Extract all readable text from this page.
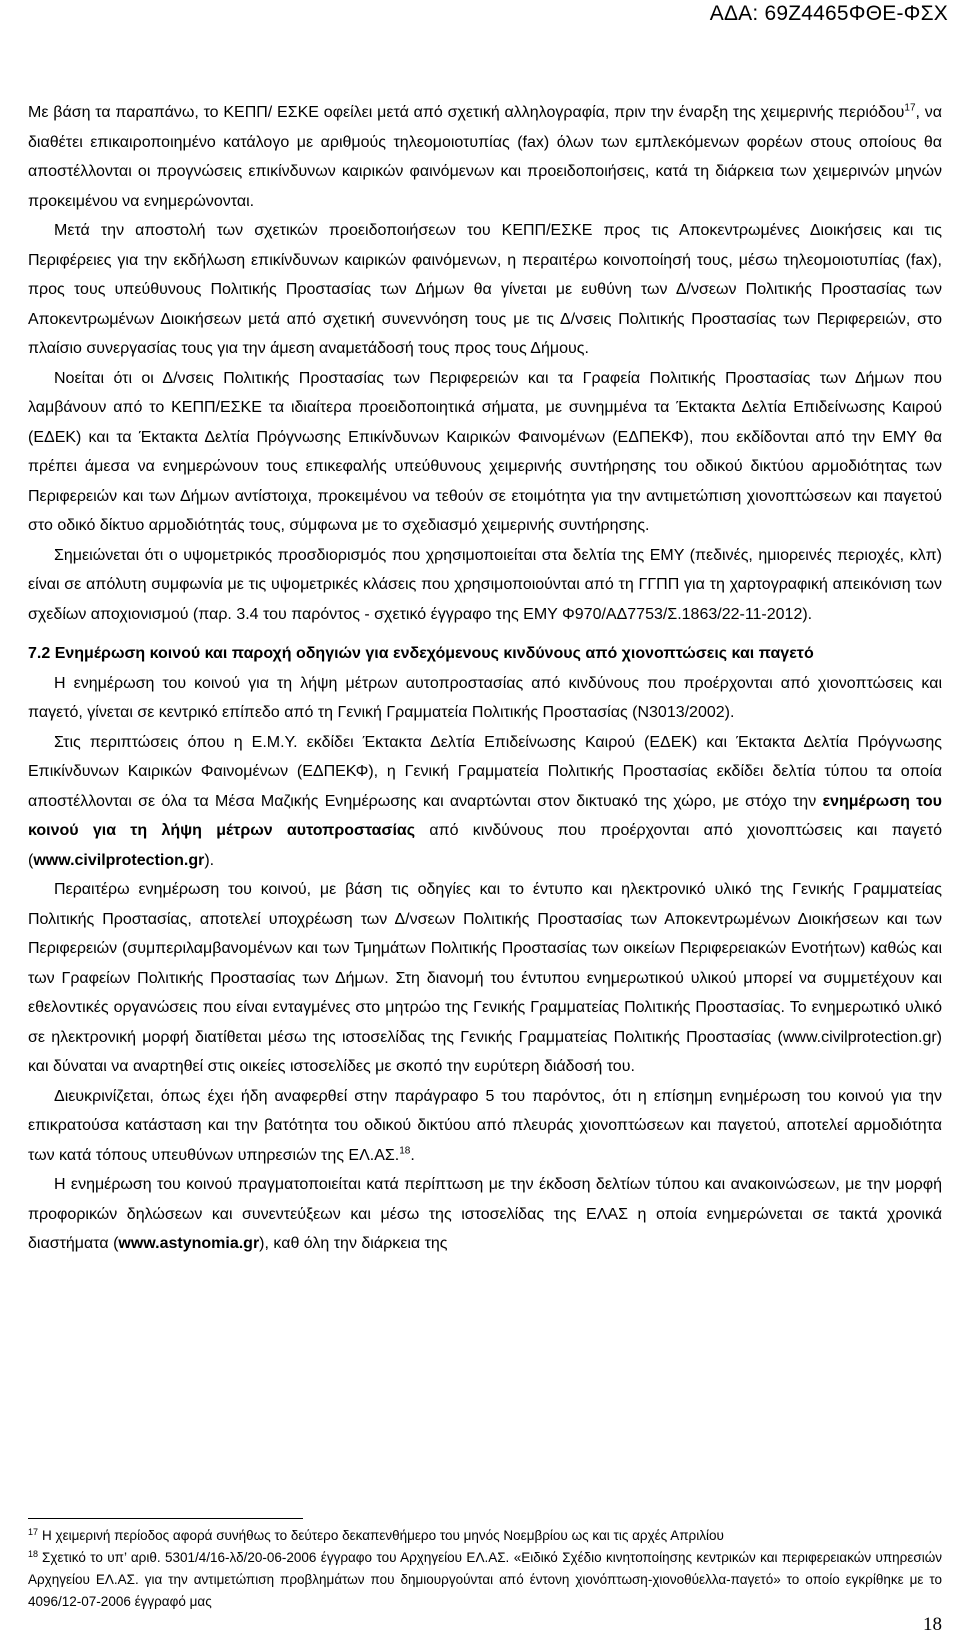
ΑΔΑ: 69Ζ4465ΦΘΕ-ΦΣΧ

Με βάση τα παραπάνω, το ΚΕΠΠ/ ΕΣΚΕ οφείλει μετά από σχετική αλληλογραφία, πριν την έναρξη της χειμερινής περιόδου$^{17}$, να διαθέτει επικαιροποιημένο κατάλογο με αριθμούς τηλεομοιοτυπίας (fax) όλων των εμπλεκόμενων φορέων στους οποίους θα αποστέλλονται οι προγνώσεις επικίνδυνων καιρικών φαινόμενων και προειδοποιήσεις, κατά τη διάρκεια των χειμερινών μηνών προκειμένου να ενημερώνονται.

Μετά την αποστολή των σχετικών προειδοποιήσεων του ΚΕΠΠ/ΕΣΚΕ προς τις Αποκεντρωμένες Διοικήσεις και τις Περιφέρειες για την εκδήλωση επικίνδυνων καιρικών φαινόμενων, η περαιτέρω κοινοποίησή τους, μέσω τηλεομοιοτυπίας (fax), προς τους υπεύθυνους Πολιτικής Προστασίας των Δήμων θα γίνεται με ευθύνη των Δ/νσεων Πολιτικής Προστασίας των Αποκεντρωμένων Διοικήσεων μετά από σχετική συνεννόηση τους με τις Δ/νσεις Πολιτικής Προστασίας των Περιφερειών, στο πλαίσιο συνεργασίας τους για την άμεση αναμετάδοσή τους προς τους Δήμους.

Νοείται ότι οι Δ/νσεις Πολιτικής Προστασίας των Περιφερειών και τα Γραφεία Πολιτικής Προστασίας των Δήμων που λαμβάνουν από το ΚΕΠΠ/ΕΣΚΕ τα ιδιαίτερα προειδοποιητικά σήματα, με συνημμένα τα Έκτακτα Δελτία Επιδείνωσης Καιρού (ΕΔΕΚ) και τα Έκτακτα Δελτία Πρόγνωσης Επικίνδυνων Καιρικών Φαινομένων (ΕΔΠΕΚΦ), που εκδίδονται από την ΕΜΥ θα πρέπει άμεσα να ενημερώνουν τους επικεφαλής υπεύθυνους χειμερινής συντήρησης του οδικού δικτύου αρμοδιότητας των Περιφερειών και των Δήμων αντίστοιχα, προκειμένου να τεθούν σε ετοιμότητα για την αντιμετώπιση χιονοπτώσεων και παγετού στο οδικό δίκτυο αρμοδιότητάς τους, σύμφωνα με το σχεδιασμό χειμερινής συντήρησης.

Σημειώνεται ότι ο υψομετρικός προσδιορισμός που χρησιμοποιείται στα δελτία της ΕΜΥ (πεδινές, ημιορεινές περιοχές, κλπ) είναι σε απόλυτη συμφωνία με τις υψομετρικές κλάσεις που χρησιμοποιούνται από τη ΓΓΠΠ για τη χαρτογραφική απεικόνιση των σχεδίων αποχιονισμού (παρ. 3.4 του παρόντος - σχετικό έγγραφο της ΕΜΥ Φ970/ΑΔ7753/Σ.1863/22-11-2012).

7.2 Ενημέρωση κοινού και παροχή οδηγιών για ενδεχόμενους κινδύνους από χιονοπτώσεις και παγετό

Η ενημέρωση του κοινού για τη λήψη μέτρων αυτοπροστασίας από κινδύνους που προέρχονται από χιονοπτώσεις και παγετό, γίνεται σε κεντρικό επίπεδο από τη Γενική Γραμματεία Πολιτικής Προστασίας (Ν3013/2002).

Στις περιπτώσεις όπου η Ε.Μ.Υ. εκδίδει Έκτακτα Δελτία Επιδείνωσης Καιρού (ΕΔΕΚ) και Έκτακτα Δελτία Πρόγνωσης Επικίνδυνων Καιρικών Φαινομένων (ΕΔΠΕΚΦ), η Γενική Γραμματεία Πολιτικής Προστασίας εκδίδει δελτία τύπου τα οποία αποστέλλονται σε όλα τα Μέσα Μαζικής Ενημέρωσης και αναρτώνται στον δικτυακό της χώρο, με στόχο την ενημέρωση του κοινού για τη λήψη μέτρων αυτοπροστασίας από κινδύνους που προέρχονται από χιονοπτώσεις και παγετό (www.civilprotection.gr).

Περαιτέρω ενημέρωση του κοινού, με βάση τις οδηγίες και το έντυπο και ηλεκτρονικό υλικό της Γενικής Γραμματείας Πολιτικής Προστασίας, αποτελεί υποχρέωση των Δ/νσεων Πολιτικής Προστασίας των Αποκεντρωμένων Διοικήσεων και των Περιφερειών (συμπεριλαμβανομένων και των Τμημάτων Πολιτικής Προστασίας των οικείων Περιφερειακών Ενοτήτων) καθώς και των Γραφείων Πολιτικής Προστασίας των Δήμων. Στη διανομή του έντυπου ενημερωτικού υλικού μπορεί να συμμετέχουν και εθελοντικές οργανώσεις που είναι ενταγμένες στο μητρώο της Γενικής Γραμματείας Πολιτικής Προστασίας. Το ενημερωτικό υλικό σε ηλεκτρονική μορφή διατίθεται μέσω της ιστοσελίδας της Γενικής Γραμματείας Πολιτικής Προστασίας (www.civilprotection.gr) και δύναται να αναρτηθεί στις οικείες ιστοσελίδες με σκοπό την ευρύτερη διάδοσή του.

Διευκρινίζεται, όπως έχει ήδη αναφερθεί στην παράγραφο 5 του παρόντος, ότι η επίσημη ενημέρωση του κοινού για την επικρατούσα κατάσταση και την βατότητα του οδικού δικτύου από πλευράς χιονοπτώσεων και παγετού, αποτελεί αρμοδιότητα των κατά τόπους υπευθύνων υπηρεσιών της ΕΛ.ΑΣ.$^{18}$.

Η ενημέρωση του κοινού πραγματοποιείται κατά περίπτωση με την έκδοση δελτίων τύπου και ανακοινώσεων, με την μορφή προφορικών δηλώσεων και συνεντεύξεων και μέσω της ιστοσελίδας της ΕΛΑΣ η οποία ενημερώνεται σε τακτά χρονικά διαστήματα (www.astynomia.gr), καθ όλη την διάρκεια της

$^{17}$ Η χειμερινή περίοδος αφορά συνήθως το δεύτερο δεκαπενθήμερο του μηνός Νοεμβρίου ως και τις αρχές Απριλίου

$^{18}$ Σχετικό το υπ’ αριθ. 5301/4/16-λδ/20-06-2006 έγγραφο του Αρχηγείου ΕΛ.ΑΣ. «Ειδικό Σχέδιο κινητοποίησης κεντρικών και περιφερειακών υπηρεσιών Αρχηγείου ΕΛ.ΑΣ. για την αντιμετώπιση προβλημάτων που δημιουργούνται από έντονη χιονόπτωση-χιονοθύελλα-παγετό» το οποίο εγκρίθηκε με το 4096/12-07-2006 έγγραφό μας

18
